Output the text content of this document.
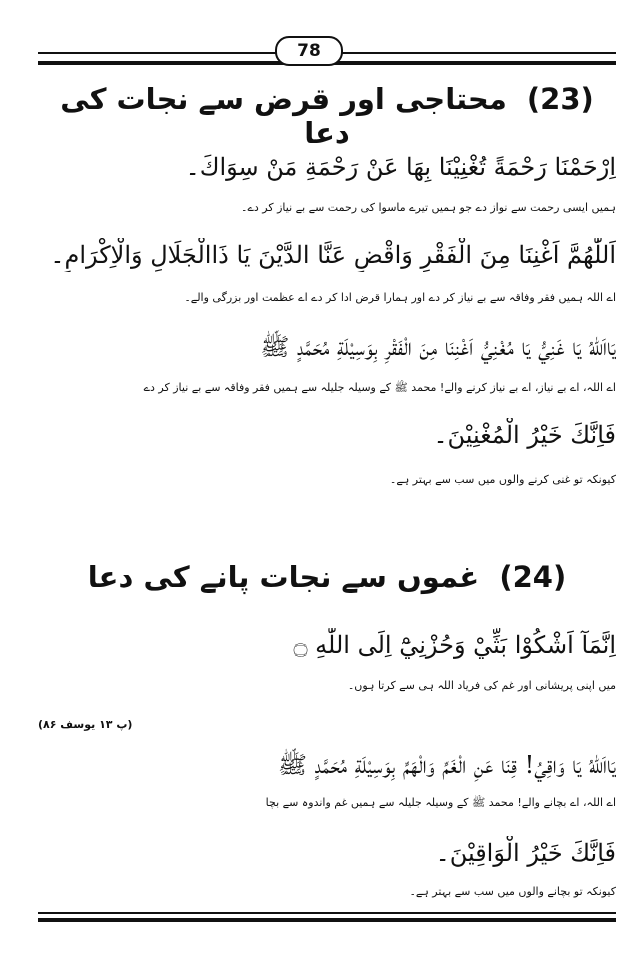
78
(23) محتاجی اور قرض سے نجات کی دعا
اِرْحَمْنَا رَحْمَةً تُغْنِيْنَا بِهَا عَنْ رَحْمَةِ مَنْ سِوَاكَ۔
ہمیں ایسی رحمت سے نواز دے جو ہمیں تیرے ماسوا کی رحمت سے بے نیاز کر دے۔
اَللّٰهُمَّ اَغْنِنَا مِنَ الْفَقْرِ وَاقْضِ عَنَّا الدَّيْنَ يَا ذَاالْجَلَالِ وَالْاِكْرَامِ۔
اے اللہ ہمیں فقر وفاقہ سے بے نیاز کر دے اور ہمارا قرض ادا کر دے اے عظمت اور بزرگی والے۔
يَااَللّٰهُ يَا غَنِيُّ يَا مُغْنِيُّ اَغْنِنَا مِنَ الْفَقْرِ بِوَسِيْلَةِ مُحَمَّدٍ ﷺ
اے اللہ، اے بے نیاز، اے بے نیاز کرنے والے! محمد ﷺ کے وسیلہ جلیلہ سے ہمیں فقر وفاقہ سے بے نیاز کر دے
فَاِنَّكَ خَيْرُ الْمُغْنِيْنَ۔
کیونکہ تو غنی کرنے والوں میں سب سے بہتر ہے۔
(24) غموں سے نجات پانے کی دعا
اِنَّمَآ اَشْكُوْا بَثِّيْ وَحُزْنِيْٓ اِلَى اللّٰهِ ۝
میں اپنی پریشانی اور غم کی فریاد اللہ ہی سے کرتا ہوں۔
(پ ۱۳ یوسف ۸۶)
يَااَللّٰهُ يَا وَاقِيُ! قِنَا عَنِ الْغَمِّ وَالْهَمِّ بِوَسِيْلَةِ مُحَمَّدٍ ﷺ
اے اللہ، اے بچانے والے! محمد ﷺ کے وسیلہ جلیلہ سے ہمیں غم واندوہ سے بچا
فَاِنَّكَ خَيْرُ الْوَاقِيْنَ۔
کیونکہ تو بچانے والوں میں سب سے بہتر ہے۔
